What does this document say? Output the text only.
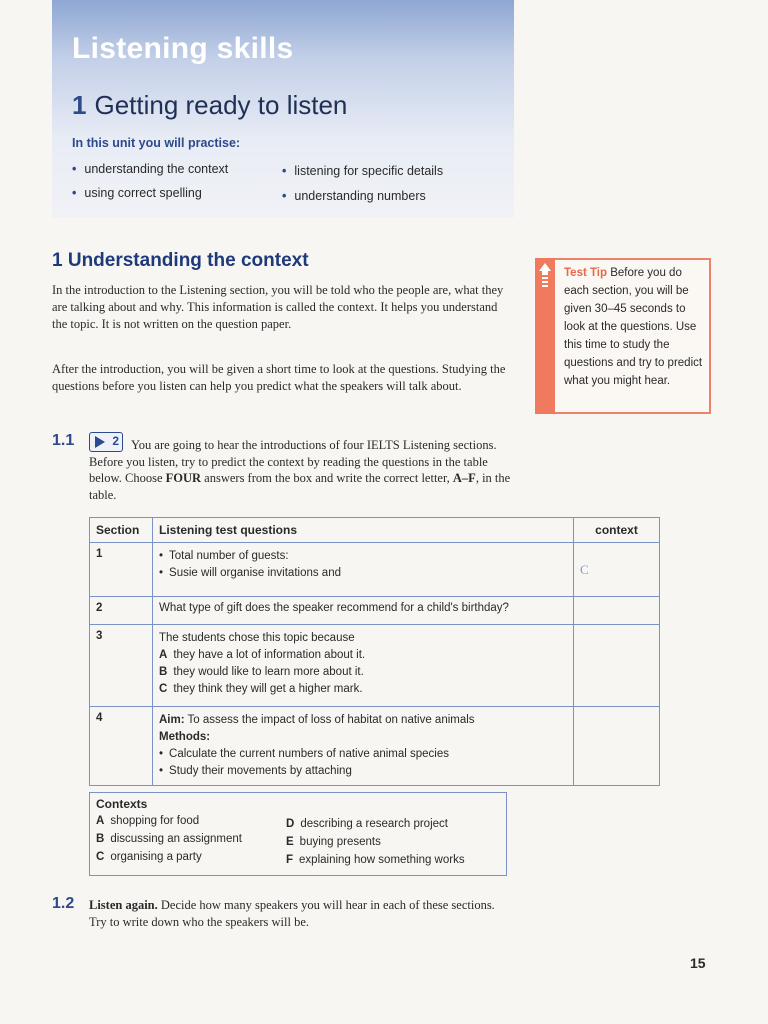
Listening skills
1 Getting ready to listen
In this unit you will practise:
• understanding the context	• listening for specific details
• using correct spelling	• understanding numbers
1 Understanding the context
In the introduction to the Listening section, you will be told who the people are, what they are talking about and why. This information is called the context. It helps you understand the topic. It is not written on the question paper.
After the introduction, you will be given a short time to look at the questions. Studying the questions before you listen can help you predict what the speakers will talk about.
Test Tip Before you do each section, you will be given 30–45 seconds to look at the questions. Use this time to study the questions and try to predict what you might hear.
1.1	2 You are going to hear the introductions of four IELTS Listening sections. Before you listen, try to predict the context by reading the questions in the table below. Choose FOUR answers from the box and write the correct letter, A–F, in the table.
Section	Listening test questions	context
1	• Total number of guests:
• Susie will organise invitations and	C
2	What type of gift does the speaker recommend for a child's birthday?	
3	The students chose this topic because
A they have a lot of information about it.
B they would like to learn more about it.
C they think they will get a higher mark.	

4	Aim: To assess the impact of loss of habitat on native animals
Methods:
• Calculate the current numbers of native animal species
• Study their movements by attaching	

Contexts
A shopping for food
B discussing an assignment
C organising a party
D describing a research project
E buying presents
F explaining how something works
1.2 Listen again. Decide how many speakers you will hear in each of these sections. Try to write down who the speakers will be.
15
